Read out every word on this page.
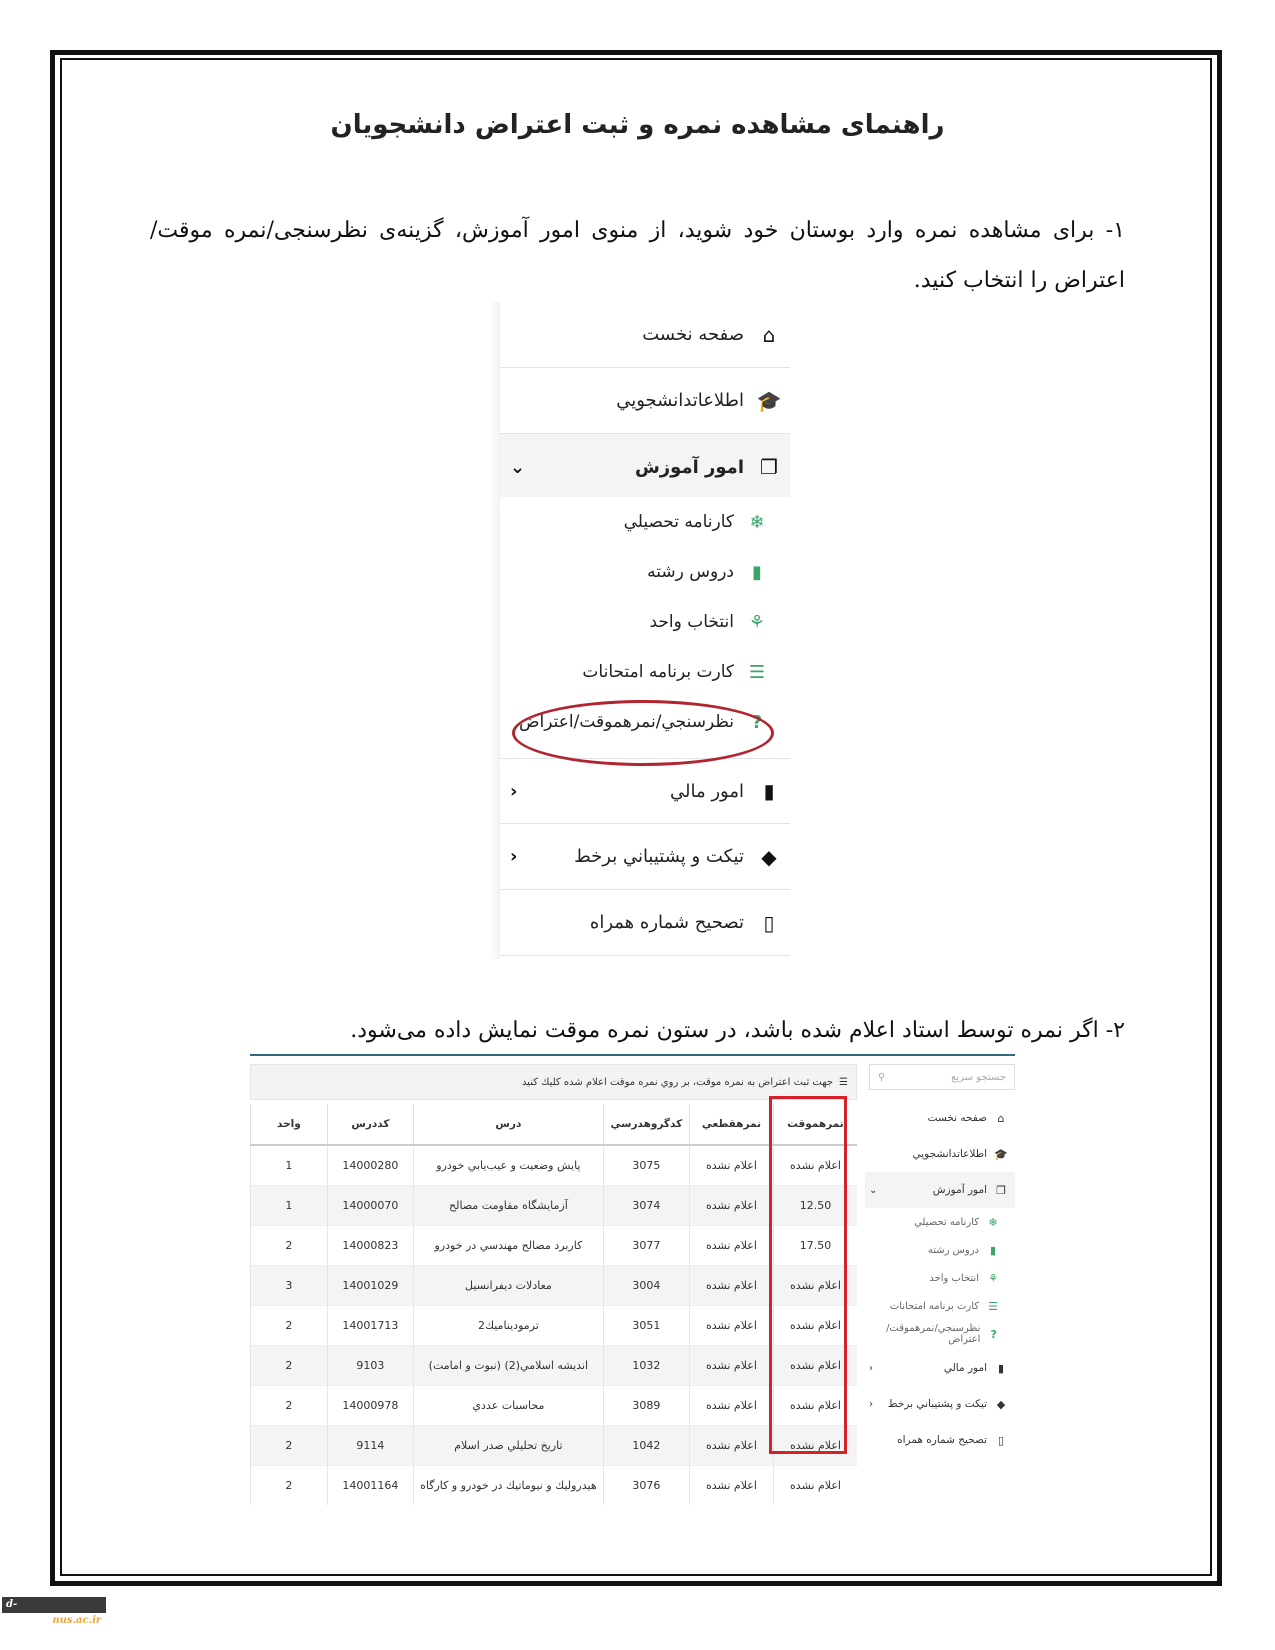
راهنمای مشاهده نمره و ثبت اعتراض دانشجویان
۱- برای مشاهده نمره وارد بوستان خود شوید، از منوی امور آموزش، گزینه‌ی نظرسنجی/نمره موقت/ اعتراض را انتخاب کنید.
⌂
صفحه نخست
🎓
اطلاعاتدانشجويي
❐
امور آموزش
⌄
❄
كارنامه تحصيلي
▮
دروس رشته
⚘
انتخاب واحد
☰
كارت برنامه امتحانات
?
نظرسنجي/نمرهموقت/اعتراض
▮
امور مالي
‹
◆
تيكت و پشتيباني برخط
‹
▯
تصحيح شماره همراه
۲- اگر نمره توسط استاد اعلام شده باشد، در ستون نمره موقت نمایش داده می‌شود.
جستجو سريع
⚲
⌂
صفحه نخست
🎓
اطلاعاتدانشجويي
❐
امور آموزش
⌄
❄
كارنامه تحصيلي
▮
دروس رشته
⚘
انتخاب واحد
☰
كارت برنامه امتحانات
?
نظرسنجي/نمرهموقت/اعتراض
▮
امور مالي
‹
◆
تيكت و پشتيباني برخط
‹
▯
تصحيح شماره همراه
☰
جهت ثبت اعتراض به نمره موقت، بر روي نمره موقت اعلام شده كليك كنيد
نمرهموقت	نمرهقطعي	كدگروهدرسي	درس	كددرس	واحد
اعلام نشده	اعلام نشده	3075	پايش وضعيت و عيب‌يابي خودرو	14000280	1
12.50	اعلام نشده	3074	آزمايشگاه مقاومت مصالح	14000070	1
17.50	اعلام نشده	3077	كاربرد مصالح مهندسي در خودرو	14000823	2
اعلام نشده	اعلام نشده	3004	معادلات ديفرانسيل	14001029	3
اعلام نشده	اعلام نشده	3051	ترموديناميك2	14001713	2
اعلام نشده	اعلام نشده	1032	انديشه اسلامي(2) (نبوت و امامت)	9103	2
اعلام نشده	اعلام نشده	3089	محاسبات عددي	14000978	2
اعلام نشده	اعلام نشده	1042	تاريخ تحليلي صدر اسلام	9114	2
اعلام نشده	اعلام نشده	3076	هيدروليك و نيوماتيك در خودرو و كارگاه	14001164	2
d-kerman.nus.ac.ir
